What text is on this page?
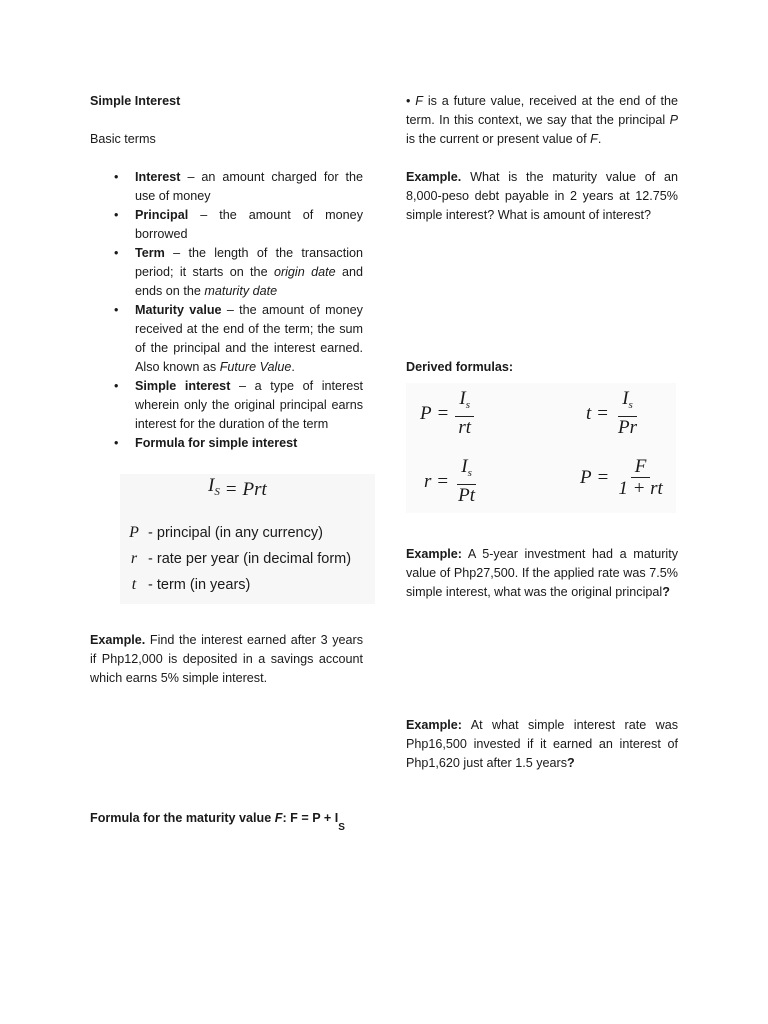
Simple Interest

Basic terms

• Interest – an amount charged for the use of money
• Principal – the amount of money borrowed
• Term – the length of the transaction period; it starts on the origin date and ends on the maturity date
• Maturity value – the amount of money received at the end of the term; the sum of the principal and the interest earned. Also known as Future Value.
• Simple interest – a type of interest wherein only the original principal earns interest for the duration of the term
• Formula for simple interest
$I_S$ = Prt
P - principal (in any currency)
r - rate per year (in decimal form)
t - term (in years)

Example. Find the interest earned after 3 years if Php12,000 is deposited in a savings account which earns 5% simple interest.

Formula for the maturity value F: $F = P + I_S$

• F is a future value, received at the end of the term. In this context, we say that the principal P is the current or present value of F.

Example. What is the maturity value of an 8,000-peso debt payable in 2 years at 12.75% simple interest? What is amount of interest?

Derived formulas:

$P = \frac{I_s}{rt}$	$t = \frac{I_s}{Pr}$
$r = \frac{I_s}{Pt}$	$P = \frac{F}{1 + rt}$

Example: A 5-year investment had a maturity value of Php27,500. If the applied rate was 7.5% simple interest, what was the original principal?

Example: At what simple interest rate was Php16,500 invested if it earned an interest of Php1,620 just after 1.5 years?
